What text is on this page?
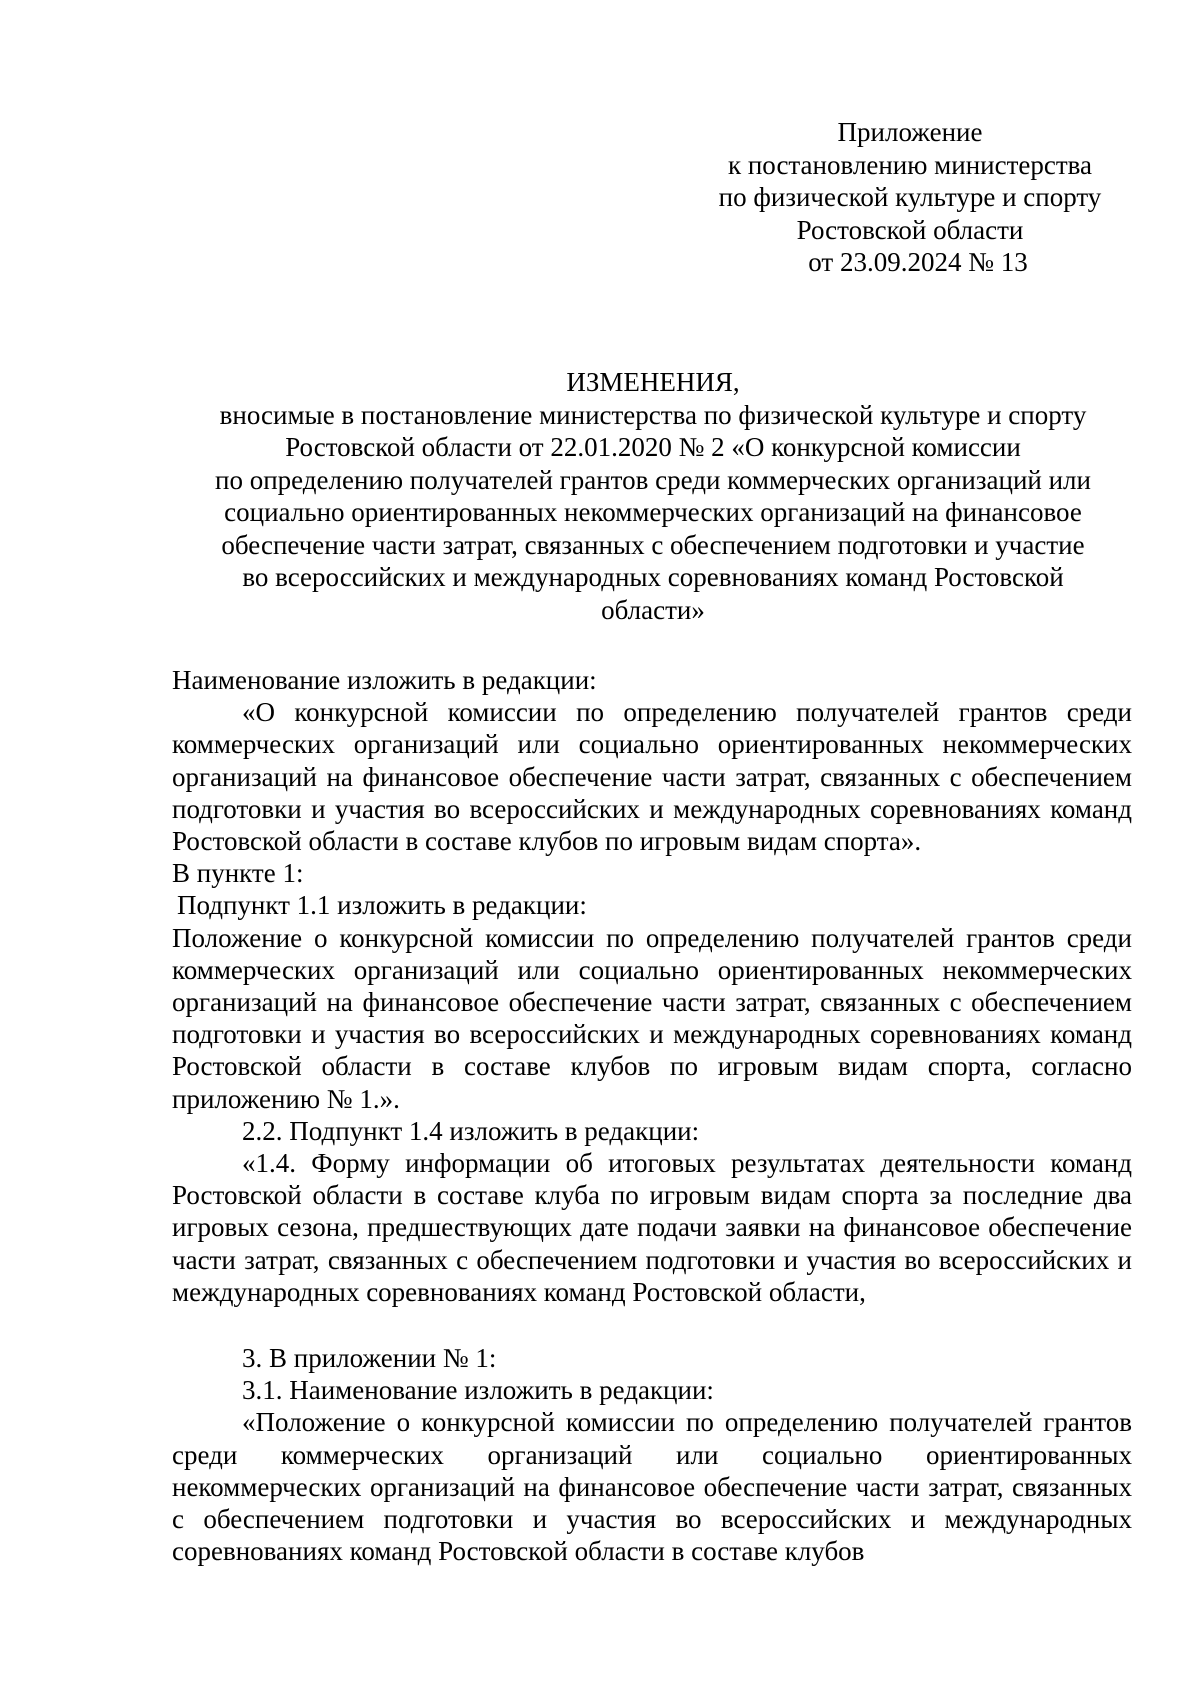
Приложение
к постановлению министерства
по физической культуре и спорту
Ростовской области
от 23.09.2024 № 13
ИЗМЕНЕНИЯ,
вносимые в постановление министерства по физической культуре и спорту
Ростовской области от 22.01.2020 № 2 «О конкурсной комиссии
по определению получателей грантов среди коммерческих организаций или
социально ориентированных некоммерческих организаций на финансовое
обеспечение части затрат, связанных с обеспечением подготовки и участие
во всероссийских и международных соревнованиях команд Ростовской
области»

Наименование изложить в редакции:

«О конкурсной комиссии по определению получателей грантов среди коммерческих организаций или социально ориентированных некоммерческих организаций на финансовое обеспечение части затрат, связанных с обеспечением подготовки и участия во всероссийских и международных соревнованиях команд Ростовской области в составе клубов по игровым видам спорта».

В пункте 1:

Подпункт 1.1 изложить в редакции:

Положение о конкурсной комиссии по определению получателей грантов среди коммерческих организаций или социально ориентированных некоммерческих организаций на финансовое обеспечение части затрат, связанных с обеспечением подготовки и участия во всероссийских и международных соревнованиях команд Ростовской области в составе клубов по игровым видам спорта, согласно приложению № 1.».

2.2. Подпункт 1.4 изложить в редакции:

«1.4. Форму информации об итоговых результатах деятельности команд Ростовской области в составе клуба по игровым видам спорта за последние два игровых сезона, предшествующих дате подачи заявки на финансовое обеспечение части затрат, связанных с обеспечением подготовки и участия во всероссийских и международных соревнованиях команд Ростовской области,

3. В приложении № 1:

3.1. Наименование изложить в редакции:

«Положение о конкурсной комиссии по определению получателей грантов среди коммерческих организаций или социально ориентированных некоммерческих организаций на финансовое обеспечение части затрат, связанных с обеспечением подготовки и участия во всероссийских и международных соревнованиях команд Ростовской области в составе клубов
